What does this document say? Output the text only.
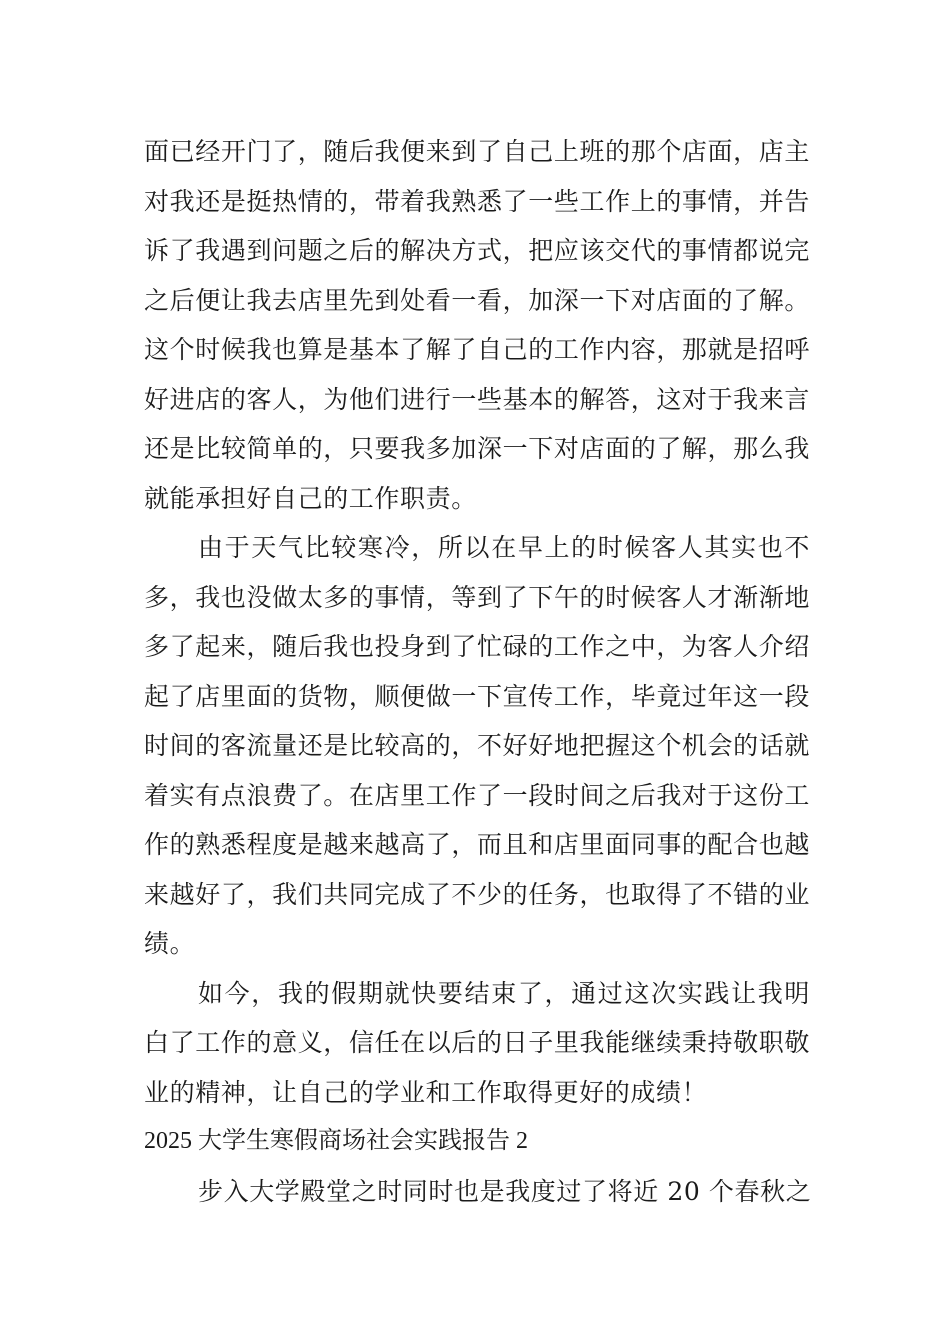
面已经开门了，随后我便来到了自己上班的那个店面，店主对我还是挺热情的，带着我熟悉了一些工作上的事情，并告诉了我遇到问题之后的解决方式，把应该交代的事情都说完之后便让我去店里先到处看一看，加深一下对店面的了解。这个时候我也算是基本了解了自己的工作内容，那就是招呼好进店的客人，为他们进行一些基本的解答，这对于我来言还是比较简单的，只要我多加深一下对店面的了解，那么我就能承担好自己的工作职责。

由于天气比较寒冷，所以在早上的时候客人其实也不多，我也没做太多的事情，等到了下午的时候客人才渐渐地多了起来，随后我也投身到了忙碌的工作之中，为客人介绍起了店里面的货物，顺便做一下宣传工作，毕竟过年这一段时间的客流量还是比较高的，不好好地把握这个机会的话就着实有点浪费了。在店里工作了一段时间之后我对于这份工作的熟悉程度是越来越高了，而且和店里面同事的配合也越来越好了，我们共同完成了不少的任务，也取得了不错的业绩。

如今，我的假期就快要结束了，通过这次实践让我明白了工作的意义，信任在以后的日子里我能继续秉持敬职敬业的精神，让自己的学业和工作取得更好的成绩！

2025 大学生寒假商场社会实践报告 2

步入大学殿堂之时同时也是我度过了将近 20 个春秋之
